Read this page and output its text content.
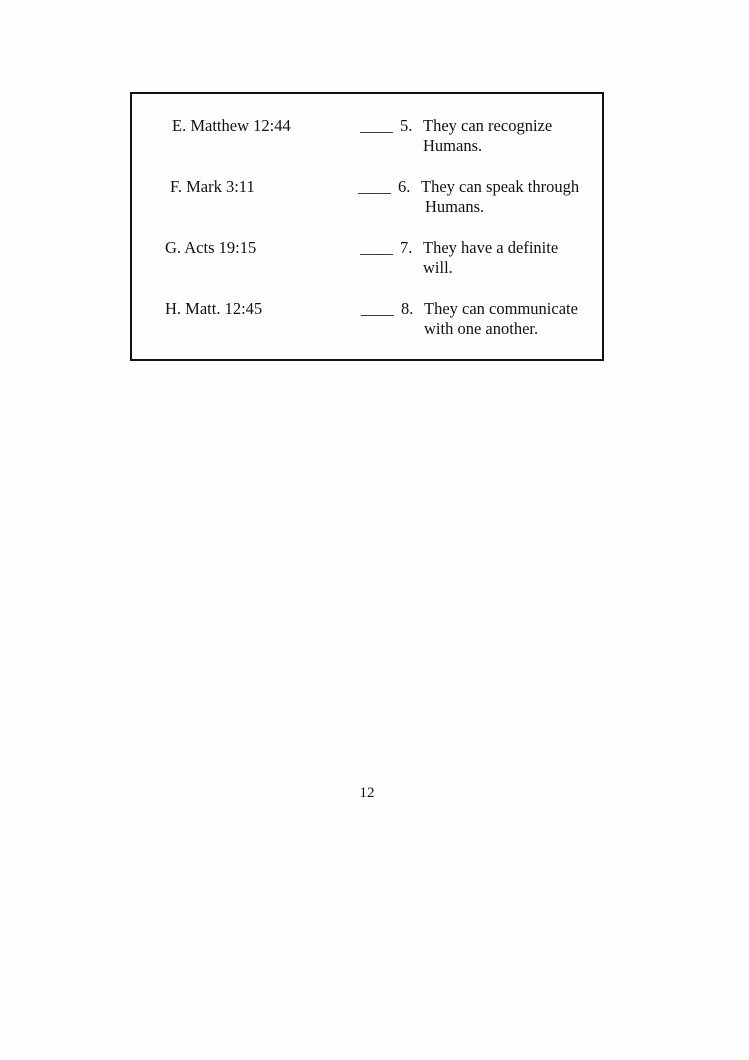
E. Matthew 12:44	____ 5. They can recognize
Humans.
F. Mark 3:11	____ 6. They can speak through
Humans.
G. Acts 19:15	____ 7. They have a definite
will.
H. Matt. 12:45	____ 8. They can communicate
with one another.
12
